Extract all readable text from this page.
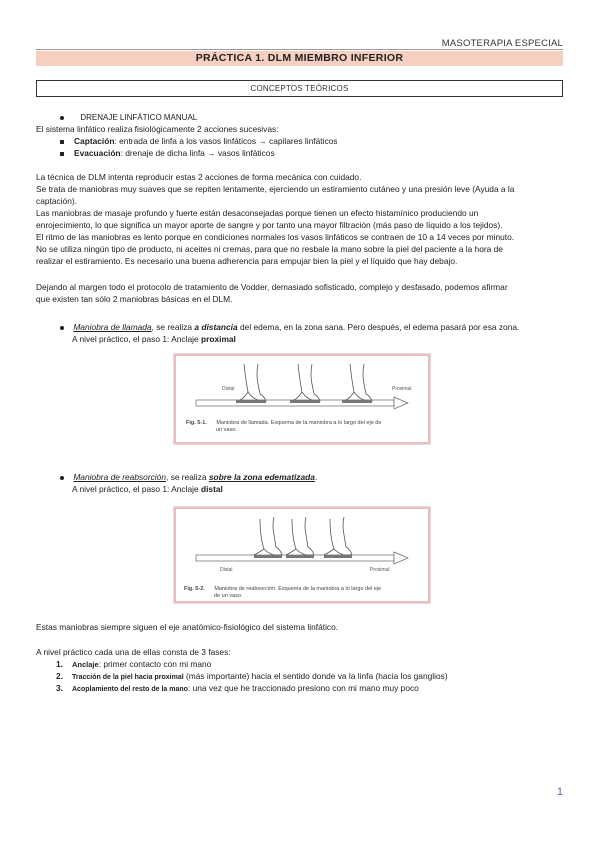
MASOTERAPIA ESPECIAL
PRÁCTICA 1. DLM MIEMBRO INFERIOR
CONCEPTOS TEÓRICOS
DRENAJE LINFÁTICO MANUAL
El sistema linfático realiza fisiológicamente 2 acciones sucesivas:
Captación: entrada de linfa a los vasos linfáticos → capilares linfáticos
Evacuación: drenaje de dicha linfa → vasos linfáticos
La técnica de DLM intenta reproducir estas 2 acciones de forma mecánica con cuidado.
Se trata de maniobras muy suaves que se repiten lentamente, ejerciendo un estiramiento cutáneo y una presión leve (Ayuda a la
captación).
Las maniobras de masaje profundo y fuerte están desaconsejadas porque tienen un efecto histamínico produciendo un
enrojecimiento, lo que significa un mayor aporte de sangre y por tanto una mayor filtración (más paso de líquido a los tejidos).
El ritmo de las maniobras es lento porque en condiciones normales los vasos linfáticos se contraen de 10 a 14 veces por minuto.
No se utiliza ningún tipo de producto, ni aceites ni cremas, para que no resbale la mano sobre la piel del paciente a la hora de
realizar el estiramiento. Es necesario una buena adherencia para empujar bien la piel y el líquido que hay debajo.
Dejando al margen todo el protocolo de tratamiento de Vodder, demasiado sofisticado, complejo y desfasado, podemos afirmar
que existen tan sólo 2 maniobras básicas en el DLM.
Maniobra de llamada, se realiza a distancia del edema, en la zona sana. Pero después, el edema pasará por esa zona.
A nivel práctico, el paso 1: Anclaje proximal
Distal	Proximal
Fig. 5-1. Maniobra de llamada. Esquema de la maniobra a lo largo del eje de
un vaso.
Maniobra de reabsorción, se realiza sobre la zona edematizada.
A nivel práctico, el paso 1: Anclaje distal
Distal	Proximal
Fig. 5-2. Maniobra de reabsorción. Esquema de la maniobra a lo largo del eje
de un vaso.
Estas maniobras siempre siguen el eje anatómico-fisiológico del sistema linfático.
A nivel práctico cada una de ellas consta de 3 fases:
1. Anclaje: primer contacto con mi mano
2. Tracción de la piel hacia proximal (más importante) hacia el sentido donde va la linfa (hacia los ganglios)
3. Acoplamiento del resto de la mano: una vez que he traccionado presiono con mi mano muy poco
1
